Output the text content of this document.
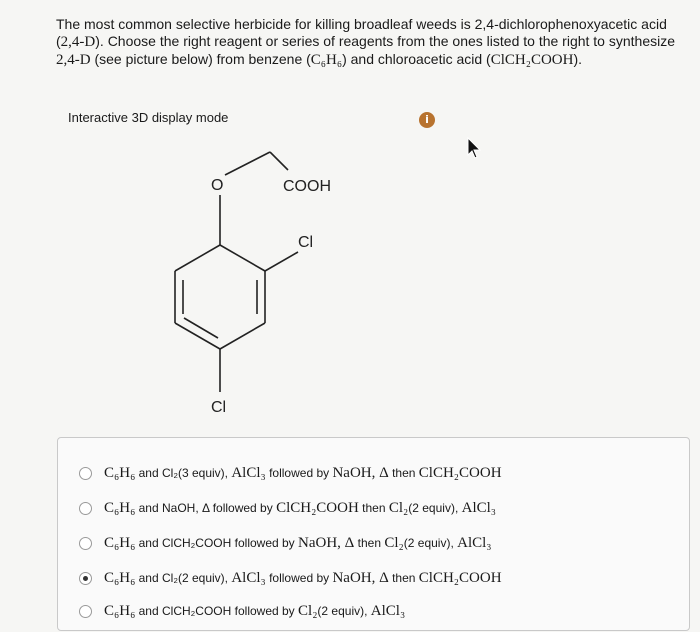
The most common selective herbicide for killing broadleaf weeds is 2,4-dichlorophenoxyacetic acid (2,4-D). Choose the right reagent or series of reagents from the ones listed to the right to synthesize 2,4-D (see picture below) from benzene (C₆H₆) and chloroacetic acid (ClCH₂COOH).

Interactive 3D display mode	i
O	COOH
Cl
Cl
C₆H₆ and Cl₂(3 equiv), AlCl₃ followed by NaOH, Δ then ClCH₂COOH
C₆H₆ and NaOH, Δ followed by ClCH₂COOH then Cl₂(2 equiv), AlCl₃
C₆H₆ and ClCH₂COOH followed by NaOH, Δ then Cl₂(2 equiv), AlCl₃
C₆H₆ and Cl₂(2 equiv), AlCl₃ followed by NaOH, Δ then ClCH₂COOH
C₆H₆ and ClCH₂COOH followed by Cl₂(2 equiv), AlCl₃
